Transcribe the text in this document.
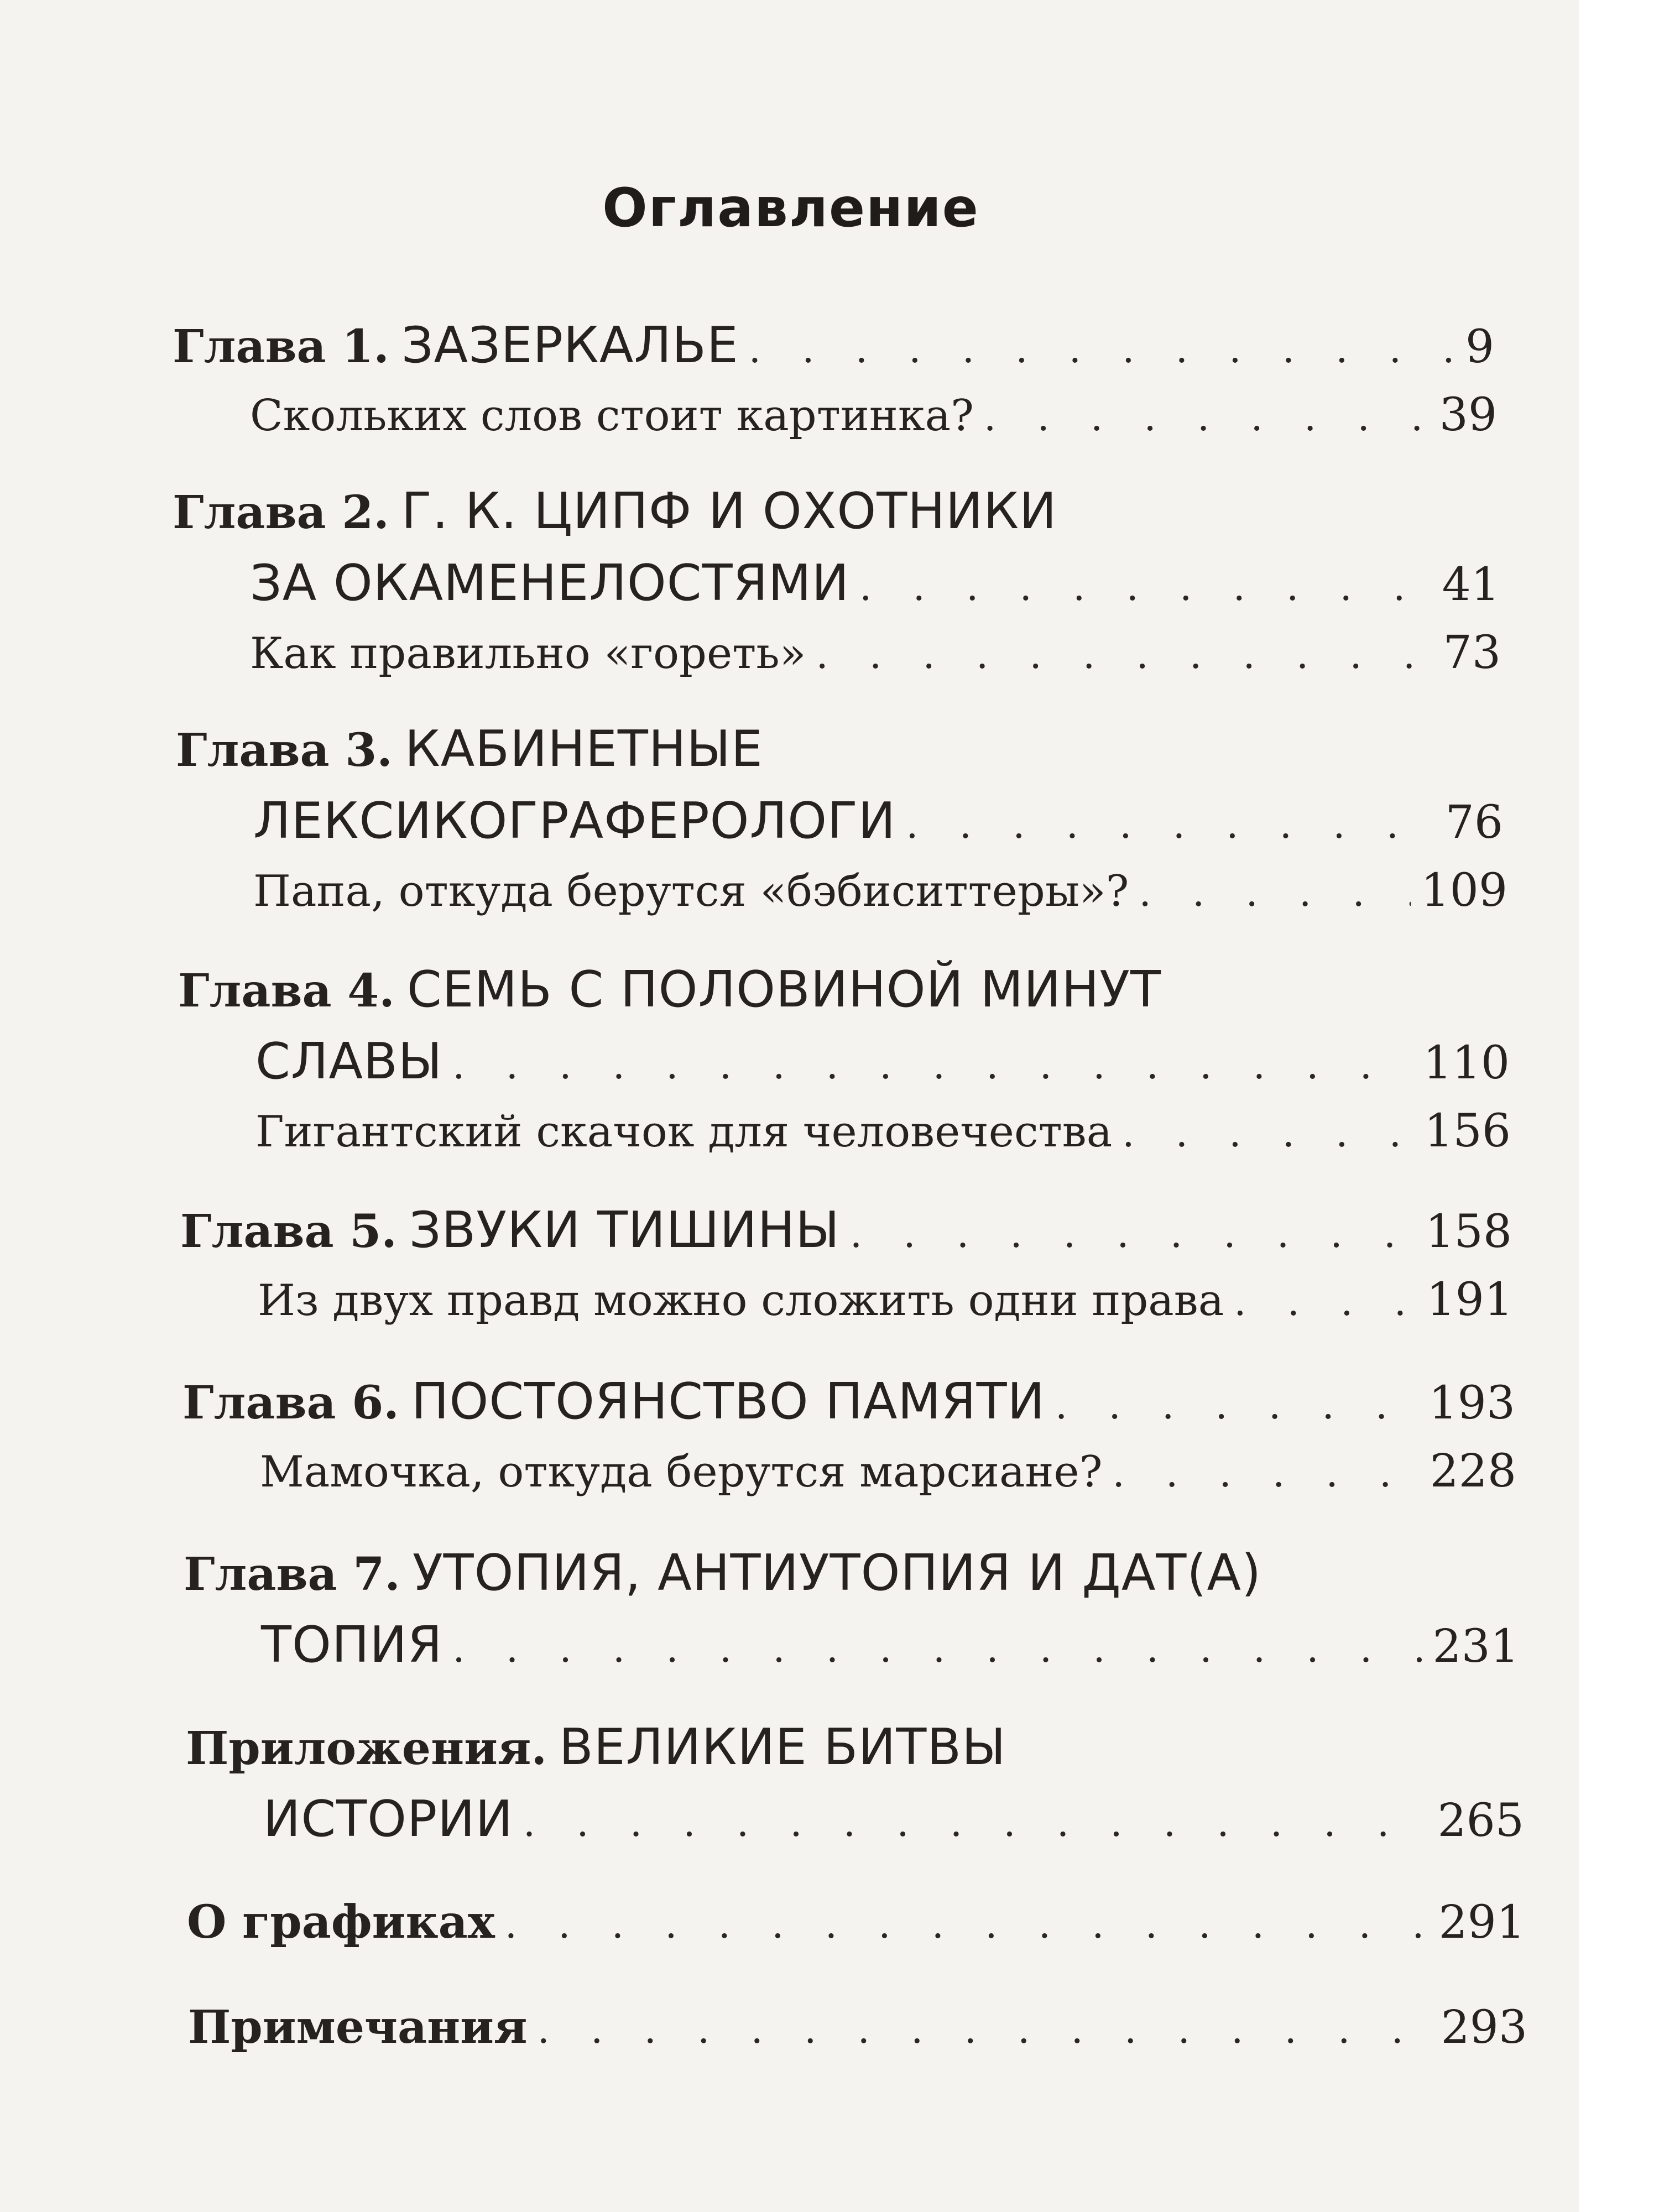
Оглавление
Глава 1. ЗАЗЕРКАЛЬЕ . . .	9
Скольких слов стоит картинка? . . .	39
Глава 2. Г. К. ЦИПФ И ОХОТНИКИ
ЗА ОКАМЕНЕЛОСТЯМИ . . .	41
Как правильно «гореть» . . .	73
Глава 3. КАБИНЕТНЫЕ
ЛЕКСИКОГРАФЕРОЛОГИ . . .	76
Папа, откуда берутся «бэбиситтеры»? . . .	109
Глава 4. СЕМЬ С ПОЛОВИНОЙ МИНУТ
СЛАВЫ . . .	110
Гигантский скачок для человечества . . .	156
Глава 5. ЗВУКИ ТИШИНЫ . . .	158
Из двух правд можно сложить одни права . . .	191
Глава 6. ПОСТОЯНСТВО ПАМЯТИ . . .	193
Мамочка, откуда берутся марсиане? . . .	228
Глава 7. УТОПИЯ, АНТИУТОПИЯ И ДАТ(А)
ТОПИЯ . . .	231
Приложения. ВЕЛИКИЕ БИТВЫ
ИСТОРИИ . . .	265
О графиках . . .	291
Примечания . . .	293
